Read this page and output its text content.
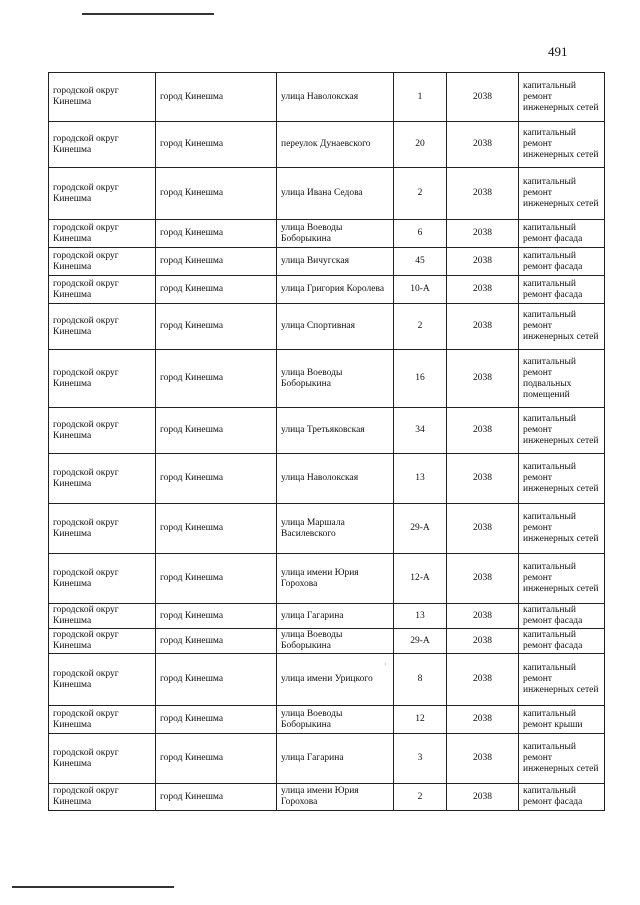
491
городской округ Кинешма	город Кинешма	улица Наволокская	1	2038	капитальный ремонт инженерных сетей
городской округ Кинешма	город Кинешма	переулок Дунаевского	20	2038	капитальный ремонт инженерных сетей
городской округ Кинешма	город Кинешма	улица Ивана Седова	2	2038	капитальный ремонт инженерных сетей
городской округ Кинешма	город Кинешма	улица Воеводы Боборыкина	6	2038	капитальный ремонт фасада
городской округ Кинешма	город Кинешма	улица Вичугская	45	2038	капитальный ремонт фасада
городской округ Кинешма	город Кинешма	улица Григория Королева	10-А	2038	капитальный ремонт фасада
городской округ Кинешма	город Кинешма	улица Спортивная	2	2038	капитальный ремонт инженерных сетей
городской округ Кинешма	город Кинешма	улица Воеводы Боборыкина	16	2038	капитальный ремонт подвальных помещений
городской округ Кинешма	город Кинешма	улица Третьяковская	34	2038	капитальный ремонт инженерных сетей
городской округ Кинешма	город Кинешма	улица Наволокская	13	2038	капитальный ремонт инженерных сетей
городской округ Кинешма	город Кинешма	улица Маршала Василевского	29-А	2038	капитальный ремонт инженерных сетей
городской округ Кинешма	город Кинешма	улица имени Юрия Горохова	12-А	2038	капитальный ремонт инженерных сетей
городской округ Кинешма	город Кинешма	улица Гагарина	13	2038	капитальный ремонт фасада
городской округ Кинешма	город Кинешма	улица Воеводы Боборыкина	29-А	2038	капитальный ремонт фасада
городской округ Кинешма	город Кинешма	улица имени Урицкого	8	2038	капитальный ремонт инженерных сетей
городской округ Кинешма	город Кинешма	улица Воеводы Боборыкина	12	2038	капитальный ремонт крыши
городской округ Кинешма	город Кинешма	улица Гагарина	3	2038	капитальный ремонт инженерных сетей
городской округ Кинешма	город Кинешма	улица имени Юрия Горохова	2	2038	капитальный ремонт фасада
·
